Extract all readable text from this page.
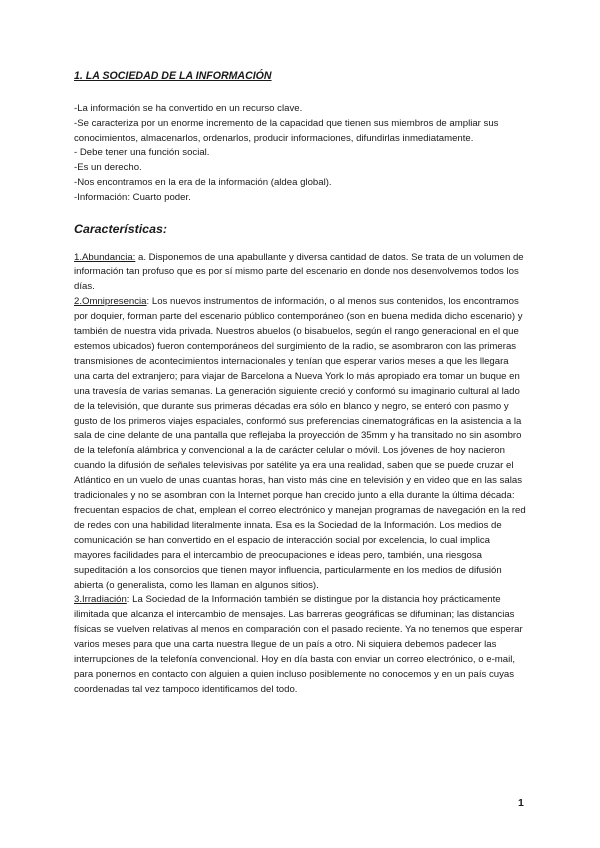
1. LA SOCIEDAD DE LA INFORMACIÓN

-La información se ha convertido en un recurso clave.

-Se caracteriza por un enorme incremento de la capacidad que tienen sus miembros de ampliar sus conocimientos, almacenarlos, ordenarlos, producir informaciones, difundirlas inmediatamente.

- Debe tener una función social.

-Es un derecho.

-Nos encontramos en la era de la información (aldea global).

-Información: Cuarto poder.

Características:

1.Abundancia: a. Disponemos de una apabullante y diversa cantidad de datos. Se trata de un volumen de información tan profuso que es por sí mismo parte del escenario en donde nos desenvolvemos todos los días.

2.Omnipresencia: Los nuevos instrumentos de información, o al menos sus contenidos, los encontramos por doquier, forman parte del escenario público contemporáneo (son en buena medida dicho escenario) y también de nuestra vida privada. Nuestros abuelos (o bisabuelos, según el rango generacional en el que estemos ubicados) fueron contemporáneos del surgimiento de la radio, se asombraron con las primeras transmisiones de acontecimientos internacionales y tenían que esperar varios meses a que les llegara una carta del extranjero; para viajar de Barcelona a Nueva York lo más apropiado era tomar un buque en una travesía de varias semanas. La generación siguiente creció y conformó su imaginario cultural al lado de la televisión, que durante sus primeras décadas era sólo en blanco y negro, se enteró con pasmo y gusto de los primeros viajes espaciales, conformó sus preferencias cinematográficas en la asistencia a la sala de cine delante de una pantalla que reflejaba la proyección de 35mm y ha transitado no sin asombro de la telefonía alámbrica y convencional a la de carácter celular o móvil. Los jóvenes de hoy nacieron cuando la difusión de señales televisivas por satélite ya era una realidad, saben que se puede cruzar el Atlántico en un vuelo de unas cuantas horas, han visto más cine en televisión y en video que en las salas tradicionales y no se asombran con la Internet porque han crecido junto a ella durante la última década: frecuentan espacios de chat, emplean el correo electrónico y manejan programas de navegación en la red de redes con una habilidad literalmente innata. Esa es la Sociedad de la Información. Los medios de comunicación se han convertido en el espacio de interacción social por excelencia, lo cual implica mayores facilidades para el intercambio de preocupaciones e ideas pero, también, una riesgosa supeditación a los consorcios que tienen mayor influencia, particularmente en los medios de difusión abierta (o generalista, como les llaman en algunos sitios).

3.Irradiación: La Sociedad de la Información también se distingue por la distancia hoy prácticamente ilimitada que alcanza el intercambio de mensajes. Las barreras geográficas se difuminan; las distancias físicas se vuelven relativas al menos en comparación con el pasado reciente. Ya no tenemos que esperar varios meses para que una carta nuestra llegue de un país a otro. Ni siquiera debemos padecer las interrupciones de la telefonía convencional. Hoy en día basta con enviar un correo electrónico, o e-mail, para ponernos en contacto con alguien a quien incluso posiblemente no conocemos y en un país cuyas coordenadas tal vez tampoco identificamos del todo.

1
